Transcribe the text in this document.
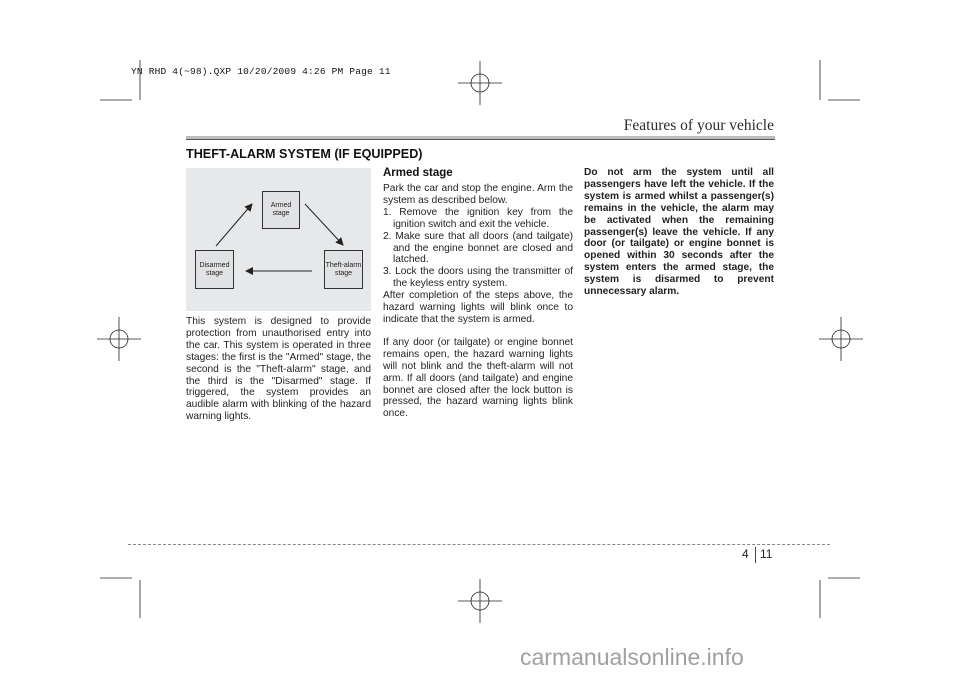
YN RHD 4(~98).QXP 10/20/2009 4:26 PM Page 11
Features of your vehicle
THEFT-ALARM SYSTEM (IF EQUIPPED)
Armed stage
Disarmed stage
Theft-alarm stage

This system is designed to provide protection from unauthorised entry into the car. This system is operated in three stages: the first is the "Armed" stage, the second is the "Theft-alarm" stage, and the third is the "Disarmed" stage. If triggered, the system provides an audible alarm with blinking of the hazard warning lights.

Armed stage

Park the car and stop the engine. Arm the system as described below.

1. Remove the ignition key from the ignition switch and exit the vehicle.
2. Make sure that all doors (and tailgate) and the engine bonnet are closed and latched.
3. Lock the doors using the transmitter of the keyless entry system.

After completion of the steps above, the hazard warning lights will blink once to indicate that the system is armed.

If any door (or tailgate) or engine bonnet remains open, the hazard warning lights will not blink and the theft-alarm will not arm. If all doors (and tailgate) and engine bonnet are closed after the lock button is pressed, the hazard warning lights blink once.

Do not arm the system until all passengers have left the vehicle. If the system is armed whilst a passenger(s) remains in the vehicle, the alarm may be activated when the remaining passenger(s) leave the vehicle. If any door (or tailgate) or engine bonnet is opened within 30 seconds after the system enters the armed stage, the system is disarmed to prevent unnecessary alarm.

4 11
carmanualsonline.info
